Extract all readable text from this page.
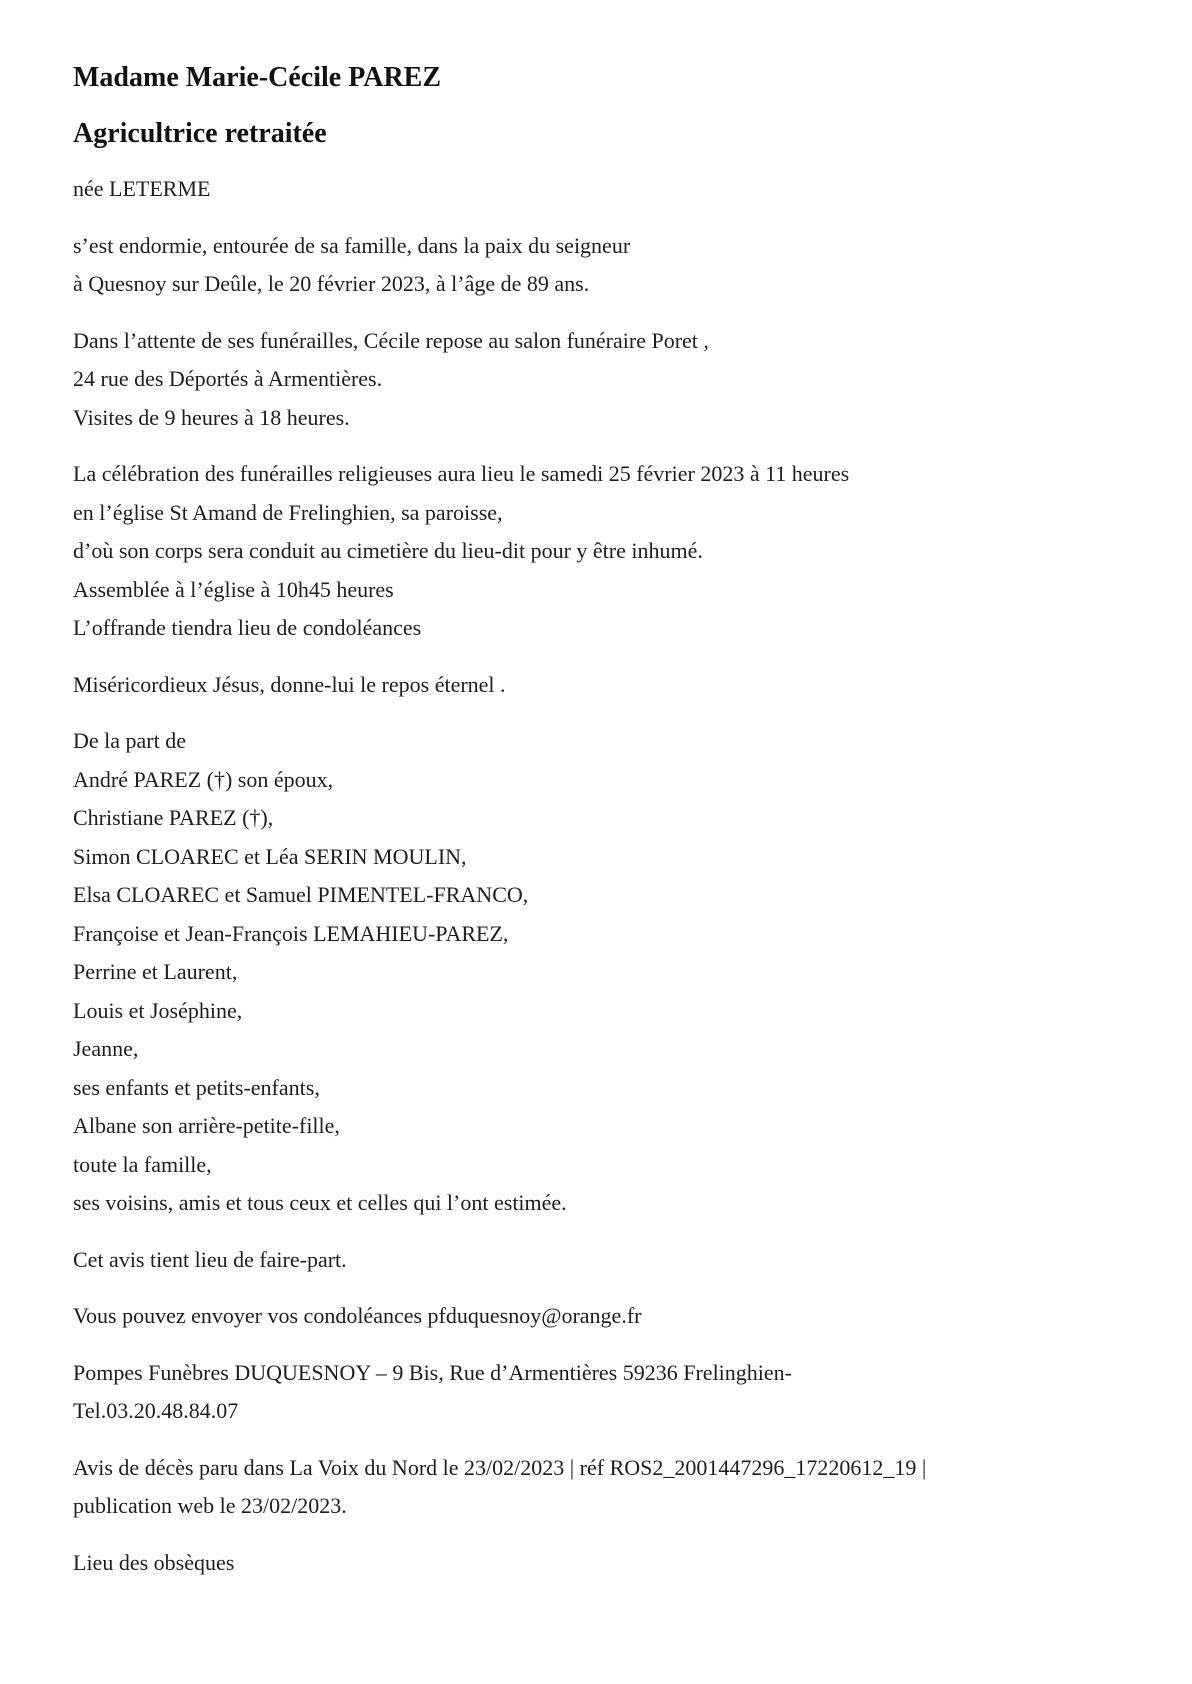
Madame Marie-Cécile PAREZ
Agricultrice retraitée

née LETERME

s’est endormie, entourée de sa famille, dans la paix du seigneur
à Quesnoy sur Deûle, le 20 février 2023, à l’âge de 89 ans.

Dans l’attente de ses funérailles, Cécile repose au salon funéraire Poret ,
24 rue des Déportés à Armentières.
Visites de 9 heures à 18 heures.

La célébration des funérailles religieuses aura lieu le samedi 25 février 2023 à 11 heures
en l’église St Amand de Frelinghien, sa paroisse,
d’où son corps sera conduit au cimetière du lieu-dit pour y être inhumé.
Assemblée à l’église à 10h45 heures
L’offrande tiendra lieu de condoléances

Miséricordieux Jésus, donne-lui le repos éternel .

De la part de
André PAREZ (†) son époux,
Christiane PAREZ (†),
Simon CLOAREC et Léa SERIN MOULIN,
Elsa CLOAREC et Samuel PIMENTEL-FRANCO,
Françoise et Jean-François LEMAHIEU-PAREZ,
Perrine et Laurent,
Louis et Joséphine,
Jeanne,
ses enfants et petits-enfants,
Albane son arrière-petite-fille,
toute la famille,
ses voisins, amis et tous ceux et celles qui l’ont estimée.

Cet avis tient lieu de faire-part.

Vous pouvez envoyer vos condoléances pfduquesnoy@orange.fr

Pompes Funèbres DUQUESNOY – 9 Bis, Rue d’Armentières 59236 Frelinghien-
Tel.03.20.48.84.07

Avis de décès paru dans La Voix du Nord le 23/02/2023 | réf ROS2_2001447296_17220612_19 |
publication web le 23/02/2023.

Lieu des obsèques
